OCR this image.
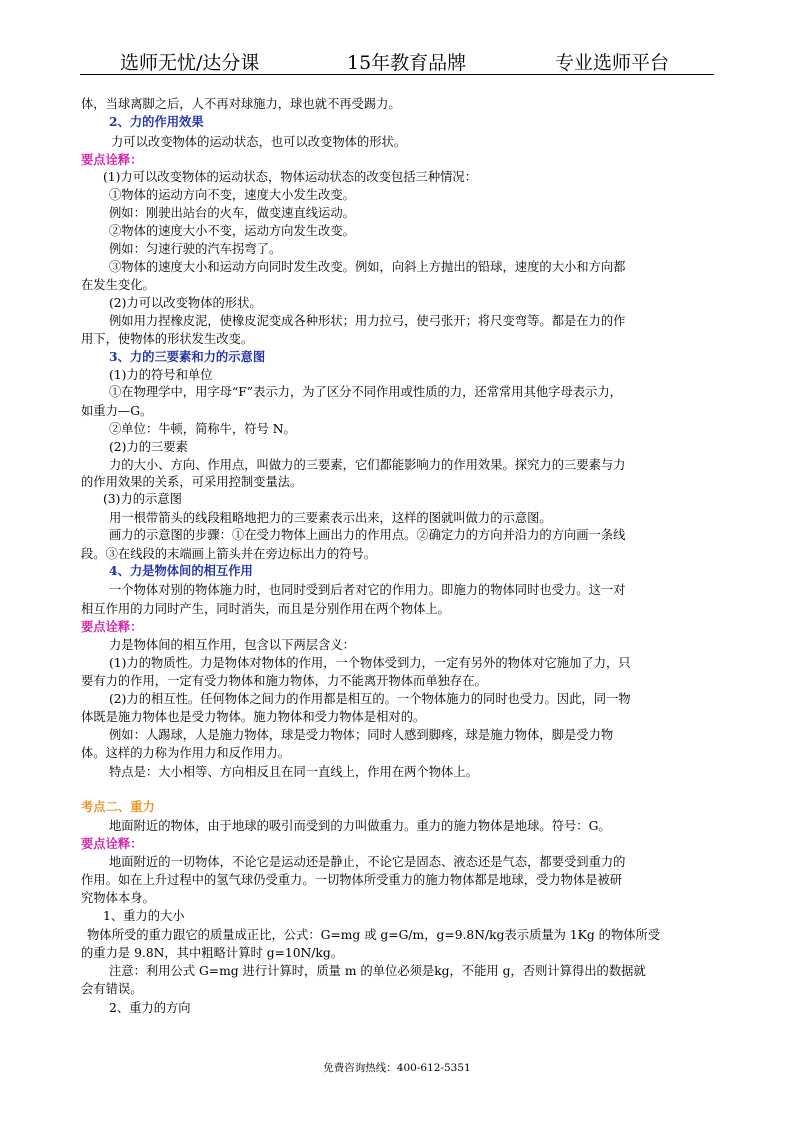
选师无忧/达分课	15年教育品牌	专业选师平台
体，当球离脚之后，人不再对球施力，球也就不再受踢力。
2、力的作用效果
力可以改变物体的运动状态，也可以改变物体的形状。
要点诠释：
(1)力可以改变物体的运动状态，物体运动状态的改变包括三种情况：
①物体的运动方向不变，速度大小发生改变。
例如：刚驶出站台的火车，做变速直线运动。
②物体的速度大小不变，运动方向发生改变。
例如：匀速行驶的汽车拐弯了。
③物体的速度大小和运动方向同时发生改变。例如，向斜上方抛出的铅球，速度的大小和方向都
在发生变化。
(2)力可以改变物体的形状。
例如用力捏橡皮泥，使橡皮泥变成各种形状；用力拉弓，使弓张开；将尺变弯等。都是在力的作
用下，使物体的形状发生改变。
3、力的三要素和力的示意图
(1)力的符号和单位
①在物理学中，用字母“F”表示力，为了区分不同作用或性质的力，还常常用其他字母表示力，
如重力—G。
②单位：牛顿，简称牛，符号 N。
(2)力的三要素
力的大小、方向、作用点，叫做力的三要素，它们都能影响力的作用效果。探究力的三要素与力
的作用效果的关系，可采用控制变量法。
(3)力的示意图
用一根带箭头的线段粗略地把力的三要素表示出来，这样的图就叫做力的示意图。
画力的示意图的步骤：①在受力物体上画出力的作用点。②确定力的方向并沿力的方向画一条线
段。③在线段的末端画上箭头并在旁边标出力的符号。
4、力是物体间的相互作用
一个物体对别的物体施力时，也同时受到后者对它的作用力。即施力的物体同时也受力。这一对
相互作用的力同时产生，同时消失，而且是分别作用在两个物体上。
要点诠释：
力是物体间的相互作用，包含以下两层含义：
(1)力的物质性。力是物体对物体的作用，一个物体受到力，一定有另外的物体对它施加了力，只
要有力的作用，一定有受力物体和施力物体，力不能离开物体而单独存在。
(2)力的相互性。任何物体之间力的作用都是相互的。一个物体施力的同时也受力。因此，同一物
体既是施力物体也是受力物体。施力物体和受力物体是相对的。
例如：人踢球，人是施力物体，球是受力物体；同时人感到脚疼，球是施力物体，脚是受力物
体。这样的力称为作用力和反作用力。
特点是：大小相等、方向相反且在同一直线上，作用在两个物体上。
考点二、重力
地面附近的物体，由于地球的吸引而受到的力叫做重力。重力的施力物体是地球。符号：G。
要点诠释：
地面附近的一切物体，不论它是运动还是静止，不论它是固态、液态还是气态，都要受到重力的
作用。如在上升过程中的氢气球仍受重力。一切物体所受重力的施力物体都是地球，受力物体是被研
究物体本身。
1、重力的大小
物体所受的重力跟它的质量成正比，公式：G=mg 或 g=G/m，g=9.8N/kg表示质量为 1Kg 的物体所受
的重力是 9.8N，其中粗略计算时 g=10N/kg。
注意：利用公式 G=mg 进行计算时，质量 m 的单位必须是kg，不能用 g，否则计算得出的数据就
会有错误。
2、重力的方向
免费咨询热线：400-612-5351
